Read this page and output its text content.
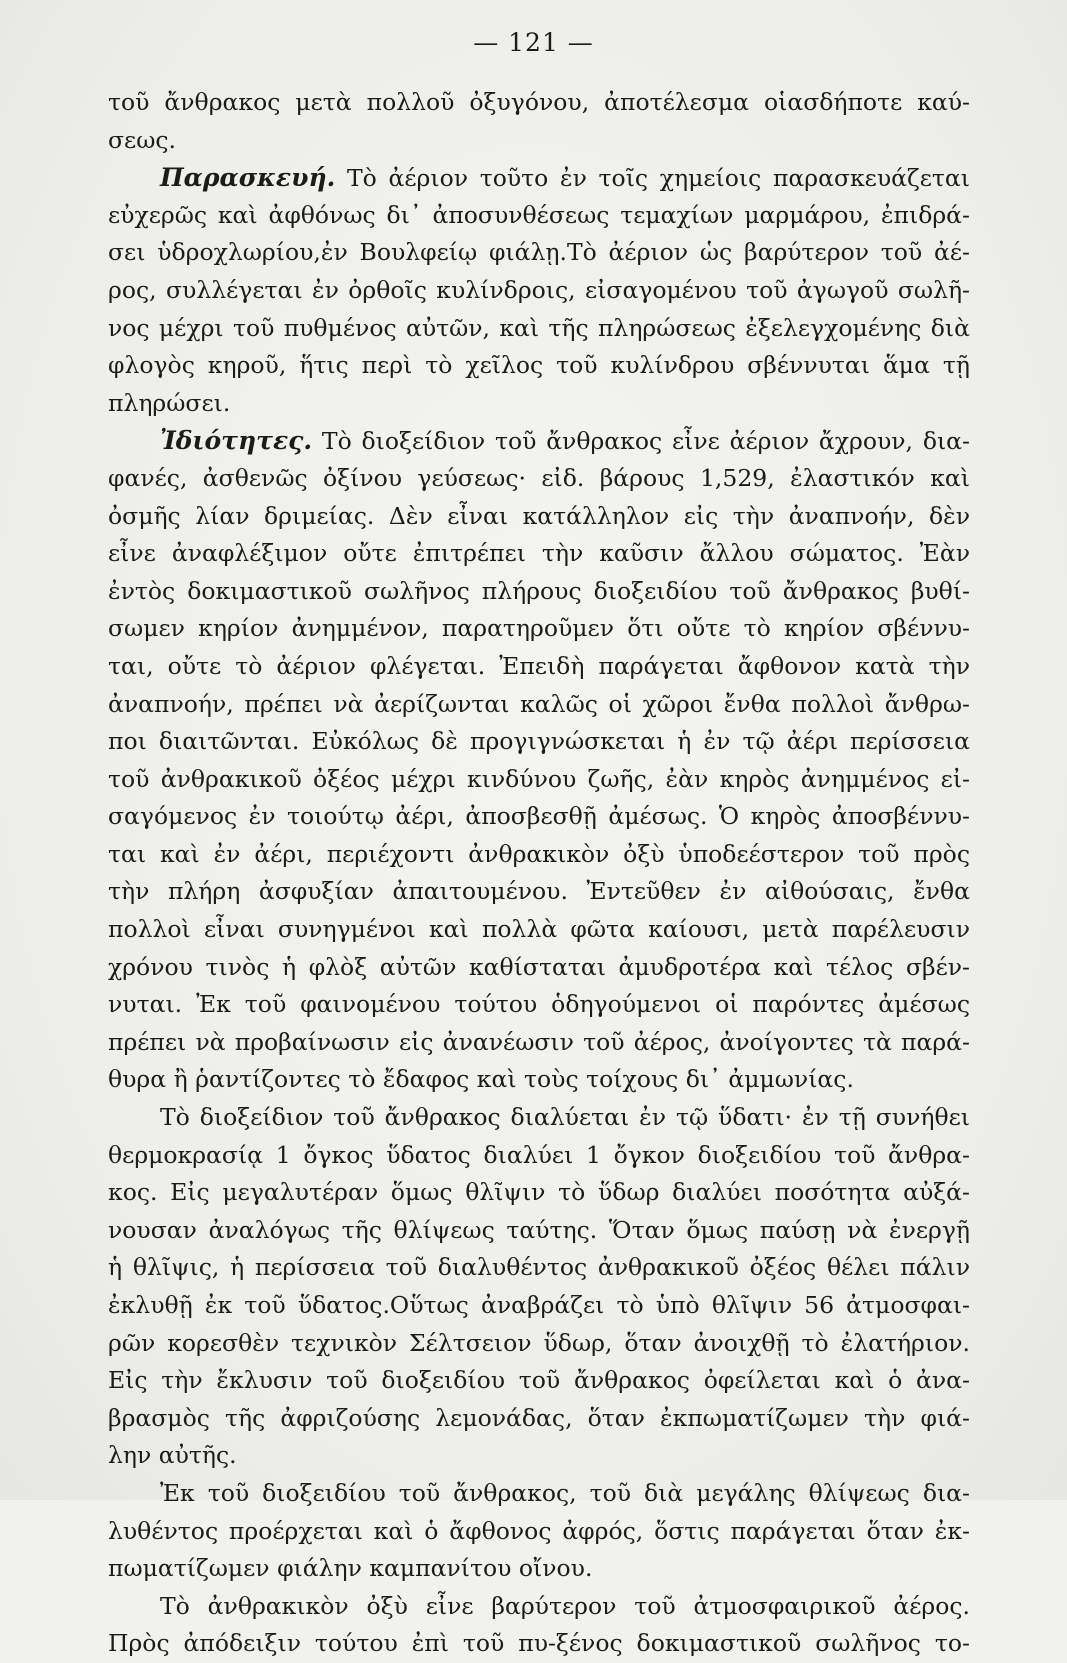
— 121 —
τοῦ ἄνθρακος μετὰ πολλοῦ ὀξυγόνου, ἀποτέλεσμα οἱασδήποτε καύ-
σεως.
Παρασκευή. Τὸ ἀέριον τοῦτο ἐν τοῖς χημείοις παρασκευάζεται
εὐχερῶς καὶ ἀφθόνως δι᾽ ἀποσυνθέσεως τεμαχίων μαρμάρου, ἐπιδρά-
σει ὑδροχλωρίου,ἐν Βουλφείῳ φιάλῃ.Τὸ ἀέριον ὡς βαρύτερον τοῦ ἀέ-
ρος, συλλέγεται ἐν ὀρθοῖς κυλίνδροις, εἰσαγομένου τοῦ ἀγωγοῦ σωλῆ-
νος μέχρι τοῦ πυθμένος αὐτῶν, καὶ τῆς πληρώσεως ἐξελεγχομένης διὰ
φλογὸς κηροῦ, ἥτις περὶ τὸ χεῖλος τοῦ κυλίνδρου σβέννυται ἅμα τῇ
πληρώσει.
Ἰδιότητες. Τὸ διοξείδιον τοῦ ἄνθρακος εἶνε ἀέριον ἄχρουν, δια-
φανές, ἀσθενῶς ὀξίνου γεύσεως· εἰδ. βάρους 1,529, ἐλαστικόν καὶ
ὀσμῆς λίαν δριμείας. Δὲν εἶναι κατάλληλον εἰς τὴν ἀναπνοήν, δὲν
εἶνε ἀναφλέξιμον οὔτε ἐπιτρέπει τὴν καῦσιν ἄλλου σώματος. Ἐὰν
ἐντὸς δοκιμαστικοῦ σωλῆνος πλήρους διοξειδίου τοῦ ἄνθρακος βυθί-
σωμεν κηρίον ἀνημμένον, παρατηροῦμεν ὅτι οὔτε τὸ κηρίον σβέννυ-
ται, οὔτε τὸ ἀέριον φλέγεται. Ἐπειδὴ παράγεται ἄφθονον κατὰ τὴν
ἀναπνοήν, πρέπει νὰ ἀερίζωνται καλῶς οἱ χῶροι ἔνθα πολλοὶ ἄνθρω-
ποι διαιτῶνται. Εὐκόλως δὲ προγιγνώσκεται ἡ ἐν τῷ ἀέρι περίσσεια
τοῦ ἀνθρακικοῦ ὀξέος μέχρι κινδύνου ζωῆς, ἐὰν κηρὸς ἀνημμένος εἰ-
σαγόμενος ἐν τοιούτῳ ἀέρι, ἀποσβεσθῇ ἀμέσως. Ὁ κηρὸς ἀποσβέννυ-
ται καὶ ἐν ἀέρι, περιέχοντι ἀνθρακικὸν ὀξὺ ὑποδεέστερον τοῦ πρὸς
τὴν πλήρη ἀσφυξίαν ἀπαιτουμένου. Ἐντεῦθεν ἐν αἰθούσαις, ἔνθα
πολλοὶ εἶναι συνηγμένοι καὶ πολλὰ φῶτα καίουσι, μετὰ παρέλευσιν
χρόνου τινὸς ἡ φλὸξ αὐτῶν καθίσταται ἀμυδροτέρα καὶ τέλος σβέν-
νυται. Ἐκ τοῦ φαινομένου τούτου ὁδηγούμενοι οἱ παρόντες ἀμέσως
πρέπει νὰ προβαίνωσιν εἰς ἀνανέωσιν τοῦ ἀέρος, ἀνοίγοντες τὰ παρά-
θυρα ἢ ῥαντίζοντες τὸ ἔδαφος καὶ τοὺς τοίχους δι᾽ ἀμμωνίας.
Τὸ διοξείδιον τοῦ ἄνθρακος διαλύεται ἐν τῷ ὕδατι· ἐν τῇ συνήθει
θερμοκρασίᾳ 1 ὄγκος ὕδατος διαλύει 1 ὄγκον διοξειδίου τοῦ ἄνθρα-
κος. Εἰς μεγαλυτέραν ὅμως θλῖψιν τὸ ὕδωρ διαλύει ποσότητα αὐξά-
νουσαν ἀναλόγως τῆς θλίψεως ταύτης. Ὅταν ὅμως παύσῃ νὰ ἐνεργῇ
ἡ θλῖψις, ἡ περίσσεια τοῦ διαλυθέντος ἀνθρακικοῦ ὀξέος θέλει πάλιν
ἐκλυθῇ ἐκ τοῦ ὕδατος.Οὕτως ἀναβράζει τὸ ὑπὸ θλῖψιν 56 ἀτμοσφαι-
ρῶν κορεσθὲν τεχνικὸν Σέλτσειον ὕδωρ, ὅταν ἀνοιχθῇ τὸ ἐλατήριον.
Εἰς τὴν ἔκλυσιν τοῦ διοξειδίου τοῦ ἄνθρακος ὀφείλεται καὶ ὁ ἀνα-
βρασμὸς τῆς ἀφριζούσης λεμονάδας, ὅταν ἐκπωματίζωμεν τὴν φιά-
λην αὐτῆς.
Ἐκ τοῦ διοξειδίου τοῦ ἄνθρακος, τοῦ διὰ μεγάλης θλίψεως δια-
λυθέντος προέρχεται καὶ ὁ ἄφθονος ἀφρός, ὅστις παράγεται ὅταν ἐκ-
πωματίζωμεν φιάλην καμπανίτου οἴνου.
Τὸ ἀνθρακικὸν ὀξὺ εἶνε βαρύτερον τοῦ ἀτμοσφαιρικοῦ ἀέρος.
Πρὸς ἀπόδειξιν τούτου ἐπὶ τοῦ πυ-ξένος δοκιμαστικοῦ σωλῆνος το-
